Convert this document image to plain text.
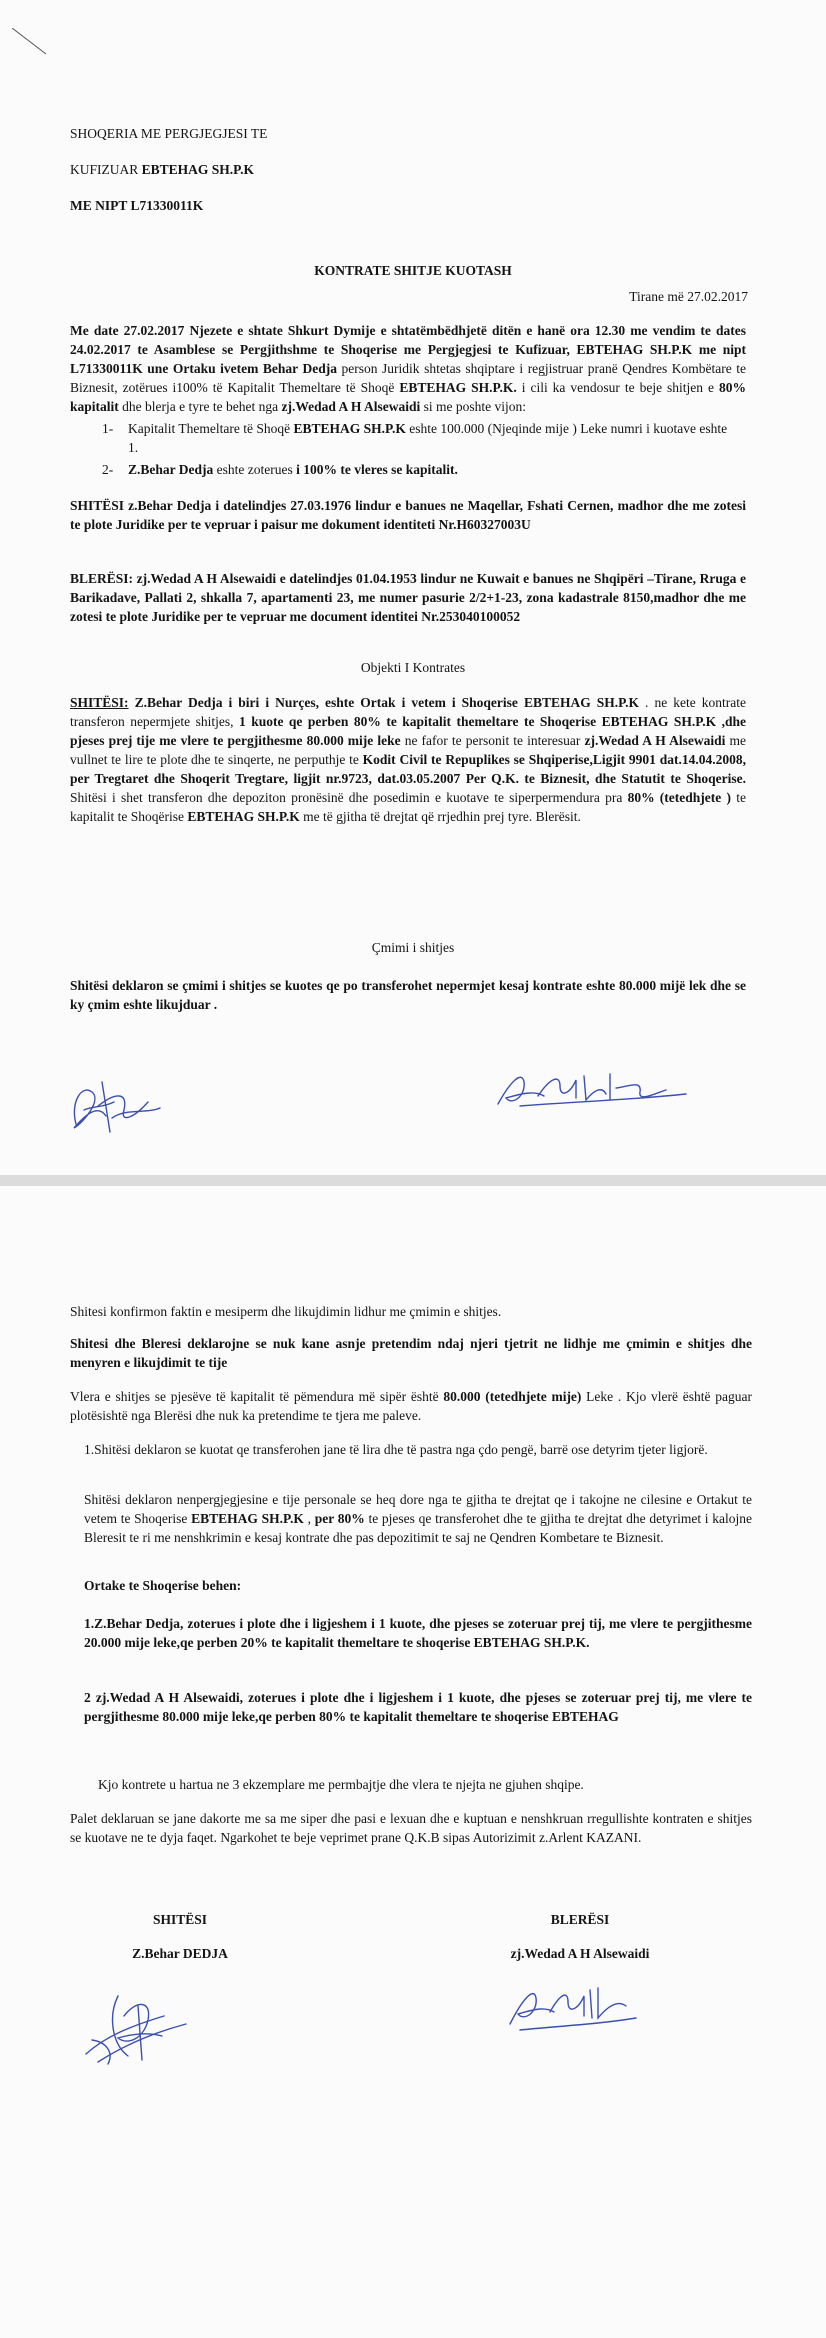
SHOQERIA ME PERGJEGJESI TE
KUFIZUAR EBTEHAG SH.P.K
ME NIPT L71330011K
KONTRATE SHITJE KUOTASH
Tirane më 27.02.2017
Me date 27.02.2017 Njezete e shtate Shkurt Dymije e shtatëmbëdhjetë ditën e hanë ora 12.30 me vendim te dates 24.02.2017 te Asamblese se Pergjithshme te Shoqerise me Pergjegjesi te Kufizuar, EBTEHAG SH.P.K me nipt L71330011K une Ortaku ivetem Behar Dedja person Juridik shtetas shqiptare i regjistruar pranë Qendres Kombëtare te Biznesit, zotërues i100% të Kapitalit Themeltare të Shoqë EBTEHAG SH.P.K. i cili ka vendosur te beje shitjen e 80% kapitalit dhe blerja e tyre te behet nga zj.Wedad A H Alsewaidi si me poshte vijon:
1- Kapitalit Themeltare të Shoqë EBTEHAG SH.P.K eshte 100.000 (Njeqinde mije ) Leke numri i kuotave eshte 1.
2- Z.Behar Dedja eshte zoterues i 100% te vleres se kapitalit.
SHITËSI z.Behar Dedja i datelindjes 27.03.1976 lindur e banues ne Maqellar, Fshati Cernen, madhor dhe me zotesi te plote Juridike per te vepruar i paisur me dokument identiteti Nr.H60327003U
BLERËSI: zj.Wedad A H Alsewaidi e datelindjes 01.04.1953 lindur ne Kuwait e banues ne Shqipëri –Tirane, Rruga e Barikadave, Pallati 2, shkalla 7, apartamenti 23, me numer pasurie 2/2+1-23, zona kadastrale 8150,madhor dhe me zotesi te plote Juridike per te vepruar me document identitei Nr.253040100052
Objekti I Kontrates
SHITËSI: Z.Behar Dedja i biri i Nurçes, eshte Ortak i vetem i Shoqerise EBTEHAG SH.P.K . ne kete kontrate transferon nepermjete shitjes, 1 kuote qe perben 80% te kapitalit themeltare te Shoqerise EBTEHAG SH.P.K ,dhe pjeses prej tije me vlere te pergjithesme 80.000 mije leke ne fafor te personit te interesuar zj.Wedad A H Alsewaidi me vullnet te lire te plote dhe te sinqerte, ne perputhje te Kodit Civil te Repuplikes se Shqiperise,Ligjit 9901 dat.14.04.2008, per Tregtaret dhe Shoqerit Tregtare, ligjit nr.9723, dat.03.05.2007 Per Q.K. te Biznesit, dhe Statutit te Shoqerise. Shitësi i shet transferon dhe depoziton pronësinë dhe posedimin e kuotave te siperpermendura pra 80% (tetedhjete ) te kapitalit te Shoqërise EBTEHAG SH.P.K me të gjitha të drejtat që rrjedhin prej tyre. Blerësit.
Çmimi i shitjes
Shitësi deklaron se çmimi i shitjes se kuotes qe po transferohet nepermjet kesaj kontrate eshte 80.000 mijë lek dhe se ky çmim eshte likujduar .
Shitesi konfirmon faktin e mesiperm dhe likujdimin lidhur me çmimin e shitjes.
Shitesi dhe Bleresi deklarojne se nuk kane asnje pretendim ndaj njeri tjetrit ne lidhje me çmimin e shitjes dhe menyren e likujdimit te tije
Vlera e shitjes se pjesëve të kapitalit të pëmendura më sipër është 80.000 (tetedhjete mije) Leke . Kjo vlerë është paguar plotësishtë nga Blerësi dhe nuk ka pretendime te tjera me paleve.
1.Shitësi deklaron se kuotat qe transferohen jane të lira dhe të pastra nga çdo pengë, barrë ose detyrim tjeter ligjorë.
Shitësi deklaron nenpergjegjesine e tije personale se heq dore nga te gjitha te drejtat qe i takojne ne cilesine e Ortakut te vetem te Shoqerise EBTEHAG SH.P.K , per 80% te pjeses qe transferohet dhe te gjitha te drejtat dhe detyrimet i kalojne Bleresit te ri me nenshkrimin e kesaj kontrate dhe pas depozitimit te saj ne Qendren Kombetare te Biznesit.
Ortake te Shoqerise behen:
1.Z.Behar Dedja, zoterues i plote dhe i ligjeshem i 1 kuote, dhe pjeses se zoteruar prej tij, me vlere te pergjithesme 20.000 mije leke,qe perben 20% te kapitalit themeltare te shoqerise EBTEHAG SH.P.K.
2 zj.Wedad A H Alsewaidi, zoterues i plote dhe i ligjeshem i 1 kuote, dhe pjeses se zoteruar prej tij, me vlere te pergjithesme 80.000 mije leke,qe perben 80% te kapitalit themeltare te shoqerise EBTEHAG
Kjo kontrete u hartua ne 3 ekzemplare me permbajtje dhe vlera te njejta ne gjuhen shqipe.
Palet deklaruan se jane dakorte me sa me siper dhe pasi e lexuan dhe e kuptuan e nenshkruan rregullishte kontraten e shitjes se kuotave ne te dyja faqet. Ngarkohet te beje veprimet prane Q.K.B sipas Autorizimit z.Arlent KAZANI.
SHITËSI
Z.Behar DEDJA
BLERËSI
zj.Wedad A H Alsewaidi
